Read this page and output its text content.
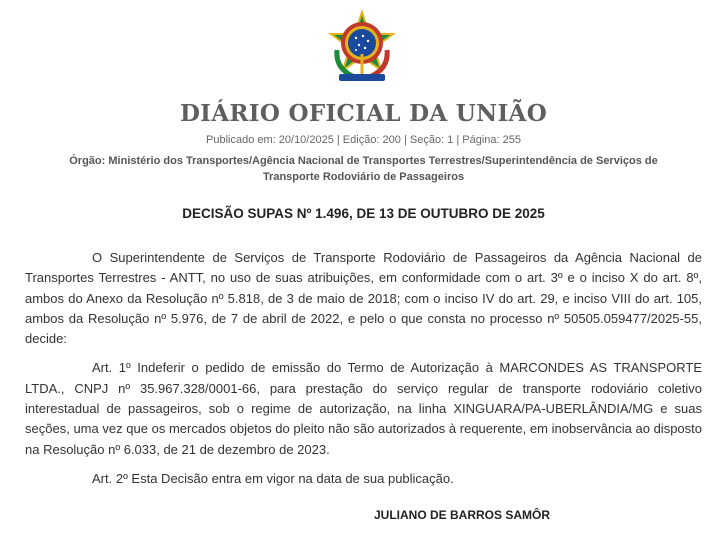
DIÁRIO OFICIAL DA UNIÃO
Publicado em: 20/10/2025 | Edição: 200 | Seção: 1 | Página: 255
Órgão: Ministério dos Transportes/Agência Nacional de Transportes Terrestres/Superintendência de Serviços de Transporte Rodoviário de Passageiros
DECISÃO SUPAS Nº 1.496, DE 13 DE OUTUBRO DE 2025

O Superintendente de Serviços de Transporte Rodoviário de Passageiros da Agência Nacional de Transportes Terrestres - ANTT, no uso de suas atribuições, em conformidade com o art. 3º e o inciso X do art. 8º, ambos do Anexo da Resolução nº 5.818, de 3 de maio de 2018; com o inciso IV do art. 29, e inciso VIII do art. 105, ambos da Resolução nº 5.976, de 7 de abril de 2022, e pelo o que consta no processo nº 50505.059477/2025-55, decide:

Art. 1º Indeferir o pedido de emissão do Termo de Autorização à MARCONDES AS TRANSPORTE LTDA., CNPJ nº 35.967.328/0001-66, para prestação do serviço regular de transporte rodoviário coletivo interestadual de passageiros, sob o regime de autorização, na linha XINGUARA/PA-UBERLÂNDIA/MG e suas seções, uma vez que os mercados objetos do pleito não são autorizados à requerente, em inobservância ao disposto na Resolução nº 6.033, de 21 de dezembro de 2023.

Art. 2º Esta Decisão entra em vigor na data de sua publicação.

JULIANO DE BARROS SAMÔR
